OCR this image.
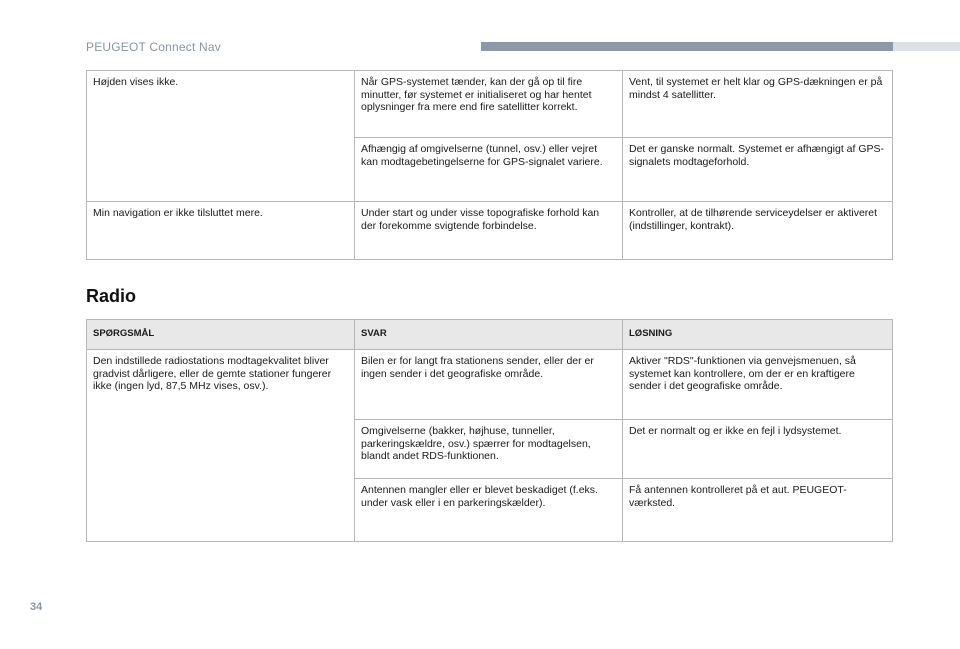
PEUGEOT Connect Nav
Højden vises ikke.	Når GPS-systemet tænder, kan der gå op til fire minutter, før systemet er initialiseret og har hentet oplysninger fra mere end fire satellitter korrekt.	Vent, til systemet er helt klar og GPS-dækningen er på mindst 4 satellitter.
	Afhængig af omgivelserne (tunnel, osv.) eller vejret kan modtagebetingelserne for GPS-signalet variere.	Det er ganske normalt. Systemet er afhængigt af GPS-signalets modtageforhold.
Min navigation er ikke tilsluttet mere.	Under start og under visse topografiske forhold kan der forekomme svigtende forbindelse.	Kontroller, at de tilhørende serviceydelser er aktiveret (indstillinger, kontrakt).
Radio
SPØRGSMÅL	SVAR	LØSNING
Den indstillede radiostations modtagekvalitet bliver gradvist dårligere, eller de gemte stationer fungerer ikke (ingen lyd, 87,5 MHz vises, osv.).	Bilen er for langt fra stationens sender, eller der er ingen sender i det geografiske område.	Aktiver "RDS"-funktionen via genvejsmenuen, så systemet kan kontrollere, om der er en kraftigere sender i det geografiske område.
	Omgivelserne (bakker, højhuse, tunneller, parkeringskældre, osv.) spærrer for modtagelsen, blandt andet RDS-funktionen.	Det er normalt og er ikke en fejl i lydsystemet.
	Antennen mangler eller er blevet beskadiget (f.eks. under vask eller i en parkeringskælder).	Få antennen kontrolleret på et aut. PEUGEOT-værksted.
34
